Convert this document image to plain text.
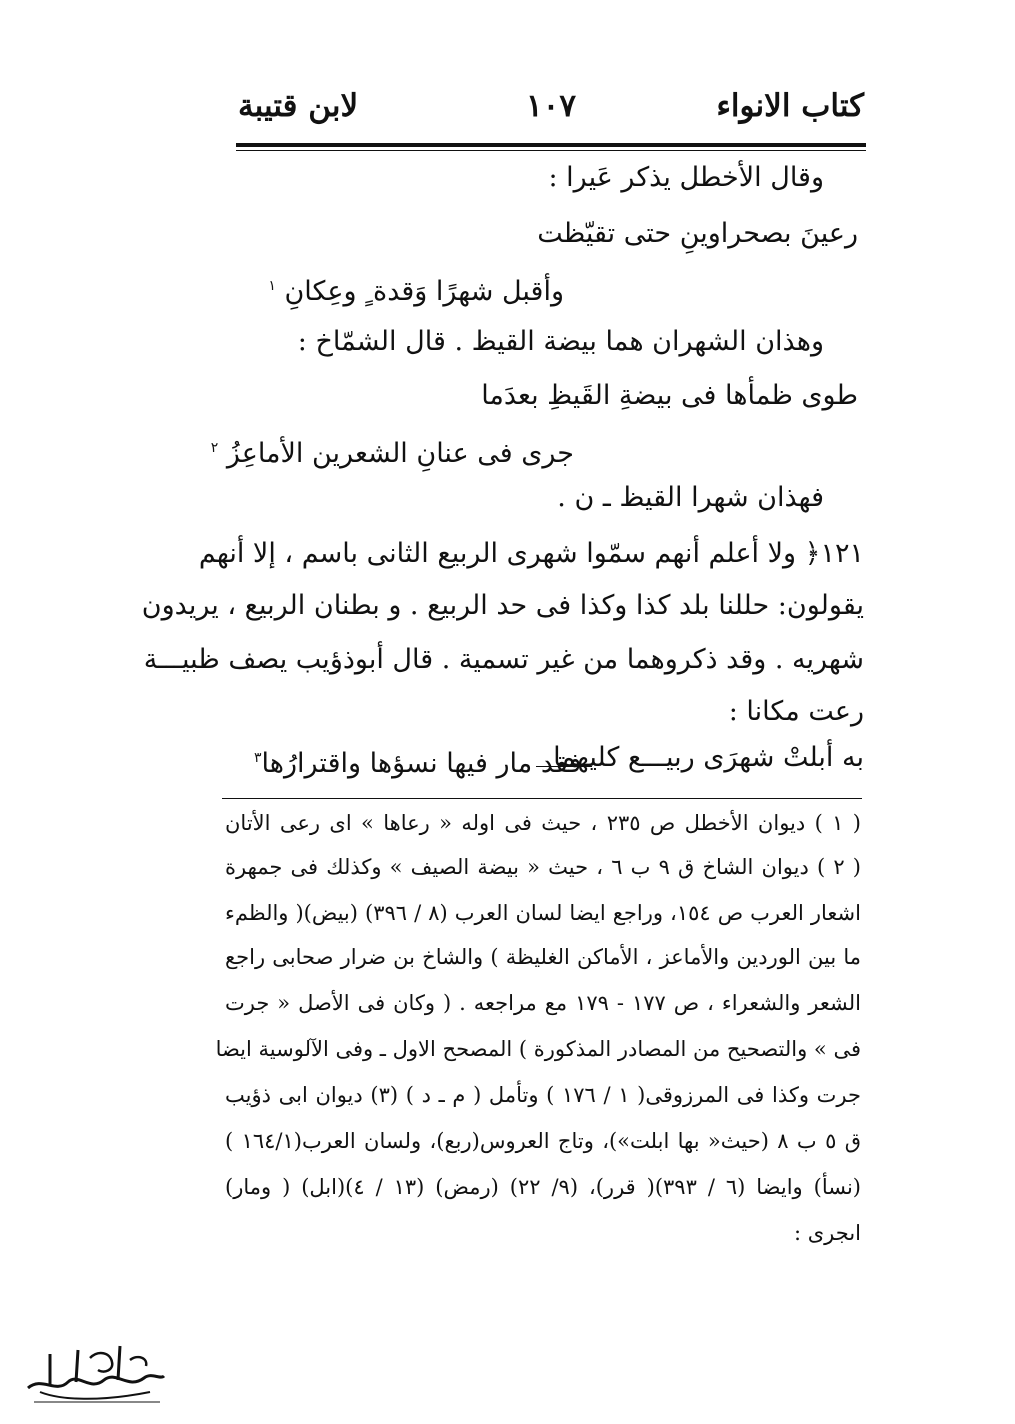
كتاب الانواء
١٠٧
لابن قتيبة
وقال الأخطل يذكر عَيرا :
رعينَ بصحراوينِ حتى تقيّظت
وأقبل شهرًا وَقدة ٍ وعِكانِ $^١$
وهذان الشهران هما بيضة القيظ . قال الشمّاخ :
طوى ظمأها فى بيضةِ القَيظِ بعدَما
جرى فى عنانِ الشعرين الأماعِزُ $^٢$
فهذان شهرا القيظ ـ ن .
١٢١﴿ ولا أعلم أنهم سمّوا شهرى الربيع الثانى باسم ، إلا أنهم
يقولون: حللنا بلد كذا وكذا فى حد الربيع . و بطنان الربيع ، يريدون
شهريه . وقد ذكروهما من غير تسمية . قال أبوذؤيب يصف ظبيـــة
رعت مكانا :
به أبلتْ شهرَى ربيـــع كليهما
فقد مار فيها نسؤها واقترارُها$^٣$
( ١ ) ديوان الأخطل ص ٢٣٥ ، حيث فى اوله « رعاها » اى رعى الأتان
( ٢ ) ديوان الشاخ ق ٩ ب ٦ ، حيث « بيضة الصيف » وكذلك فى جمهرة
اشعار العرب ص ١٥٤، وراجع ايضا لسان العرب (٨ / ٣٩٦) (بيض)( والظمء
ما بين الوردين والأماعز ، الأماكن الغليظة ) والشاخ بن ضرار صحابى راجع
الشعر والشعراء ، ص ١٧٧ - ١٧٩ مع مراجعه . ( وكان فى الأصل « جرت
فى » والتصحيح من المصادر المذكورة ) المصحح الاول ـ وفى الآلوسية ايضا
جرت وكذا فى المرزوقى( ١ / ١٧٦ ) وتأمل ( م ـ د ) (٣) ديوان ابى ذؤيب
ق ٥ ب ٨ (حيث« بها ابلت»)، وتاج العروس(ربع)، ولسان العرب(١٦٤/١ )
(نسأ) وايضا (٦ / ٣٩٣)( قرر)، (٩/ ٢٢) (رمض) (١٣ / ٤)(ابل) ( ومار)
اىجرى :
